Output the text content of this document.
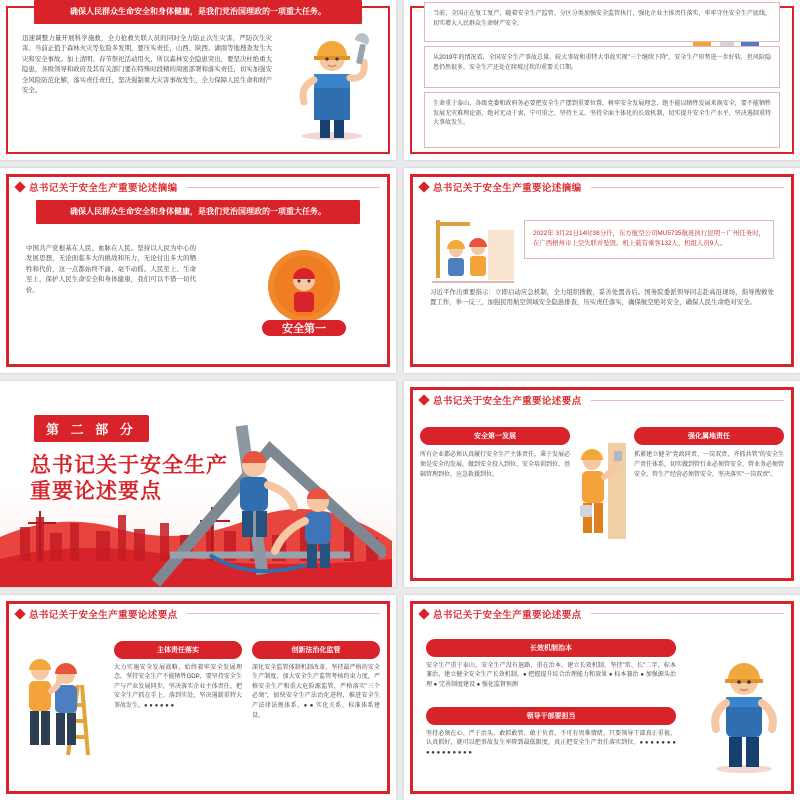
确保人民群众生命安全和身体健康，是我们党治国理政的一项重大任务。
迅速调整力量开展科学施救，全力抢救失联人员的同时全力防止次生灾害，严防次生灾害。当前正值于森林火灾等危险多发期，要压实责任，山西、陕西、湖南等地搜查发生大灾和安全事故。加上清明、春节祭祀活动用火，所以森林安全隐患突出，要坚决杜绝重大隐患，各级领导和政府及其有关部门要在特殊时段精的周密部署和落实责任，切实加强安全风险防范化解，落实责任责任，坚决遏制重大灾害事故发生，全力保障人民生命和财产安全。
当前，全国正在复工复产，随着安全生产监管、分区分类加强安全监管执行，强化企业主体责任落实，牢牢守住安全生产底线，切实增大人民群众生命财产安全。
从2019年的情况看，全国安全生产事故总量、较大事故和重特大事故实现"三个继续下降"，安全生产形势进一步好转，但风险隐患仍然很多，安全生产还处在爬坡过坎的重要关口期。
生命重于泰山，各级党委和政府务必要把安全生产摆到重要位置，树牢安全发展理念，绝不能以牺牲发展来换安全，要不能牺牲发展无灾难理论需，绝对无动于衷，宁可重之、坚持主义、坚持全面主体化的长效机制，切实提升安全生产水平，坚决遏制重特大事故发生。
总书记关于安全生产重要论述摘编
确保人民群众生命安全和身体健康，是我们党治国理政的一项重大任务。
中国共产党根基在人民、血脉在人民。坚持以人民为中心的发展思想，无论面临多大的挑战和压力，无论付出多大的牺牲和代价，这一点都始终不渝、毫不动摇。人民至上、生命至上，保护人民生命安全和身体健康，我们可以不惜一切代价。
安全第一
总书记关于安全生产重要论述摘编
2022年 3月21日14时38分许，东方航空公司MU5735航班执行昆明－广州任务时，在广西梧州市上空失联并坠毁。机上载有乘客132人、机组人员9人。
习近平作出重要指示：立即启动应急机制，全力组织搜救，妥善处置善后。国务院委派领导同志赴高沿现场，指导搜救处置工作，举一反三，加强民用航空领域安全隐患排查，压实责任落实，确保航空绝对安全，确保人民生命绝对安全。
第 二 部 分
总书记关于安全生产重要论述要点
总书记关于安全生产重要论述要点
安全第一发展
所有企业都必须认真履行安全生产主体责任，秉于发展必须是安全的发展，做到安全投入到位、安全培训到位、基础管理到位，应急救援到位。
强化属地责任
抓紧建立健全"党政同责、一岗双责、齐抓共管"的安全生产责任体系，切实做到管行业必须管安全、管业务必须管安全、管生产经营必须管安全，坚决落实"一岗双责"。
总书记关于安全生产重要论述要点
主体责任落实
大力实施安全发展战略，始终着牢安全发展理念，坚持安全生产不能牺牲GDP，要坚持安全生产与产业发展同步，坚决落实企业主体责任，把安全生产抓在手上、落到实处，坚决遏制重特大事故发生。● ● ● ● ● ●
创新法治化监管
深化安全监管体制机制改革，坚持最严格的安全生产制度，加大安全生产监管考核约束力度，严格安全生产和重大危险源监管，严格落实"三个必须"，加快安全生产法治化进程，推进安全生产法律法规体系、● ● 实化关系、标准体系建设。
总书记关于安全生产重要论述要点
长效机制治本
安全生产重于泰山，安全生产没有退路，重在治本，建立长效机制，坚持"常、长"二字，标本兼治，建立健全安全生产长效机制。● 把握提升综合治理能力和效果 ● 标本兼治 ● 加强源头治理 ● 完善制度建设 ● 强化监督预测
领导干部要担当
坚持必须在心、严于治头、敢抓敢管、敢于负责，不可有畏难情绪。只要领导干部真正重视、认真抓好，就可以把事故发生率降到最低限度，真正把安全生产责任落实到位。● ● ● ● ● ● ● ● ● ● ● ● ● ● ● ●
